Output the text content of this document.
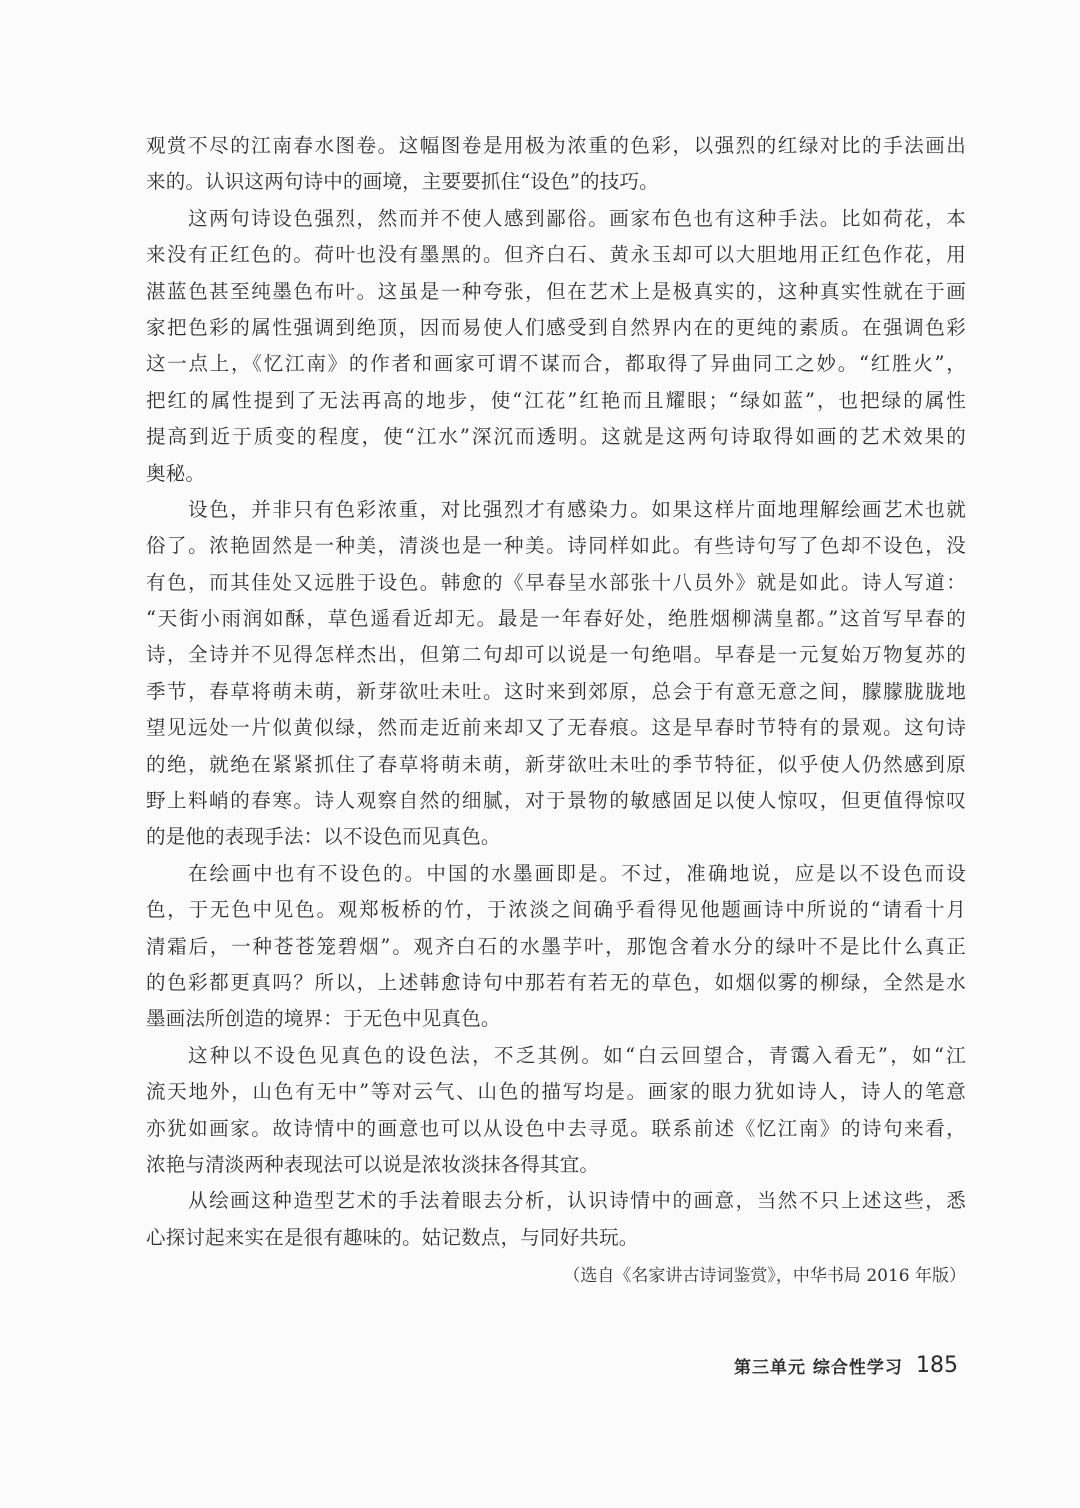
观赏不尽的江南春水图卷。这幅图卷是用极为浓重的色彩，以强烈的红绿对比的手法画出
来的。认识这两句诗中的画境，主要要抓住“设色”的技巧。
这两句诗设色强烈，然而并不使人感到鄙俗。画家布色也有这种手法。比如荷花，本
来没有正红色的。荷叶也没有墨黑的。但齐白石、黄永玉却可以大胆地用正红色作花，用
湛蓝色甚至纯墨色布叶。这虽是一种夸张，但在艺术上是极真实的，这种真实性就在于画
家把色彩的属性强调到绝顶，因而易使人们感受到自然界内在的更纯的素质。在强调色彩
这一点上，《忆江南》的作者和画家可谓不谋而合，都取得了异曲同工之妙。“红胜火”，
把红的属性提到了无法再高的地步，使“江花”红艳而且耀眼；“绿如蓝”，也把绿的属性
提高到近于质变的程度，使“江水”深沉而透明。这就是这两句诗取得如画的艺术效果的
奥秘。
设色，并非只有色彩浓重，对比强烈才有感染力。如果这样片面地理解绘画艺术也就
俗了。浓艳固然是一种美，清淡也是一种美。诗同样如此。有些诗句写了色却不设色，没
有色，而其佳处又远胜于设色。韩愈的《早春呈水部张十八员外》就是如此。诗人写道：
“天街小雨润如酥，草色遥看近却无。最是一年春好处，绝胜烟柳满皇都。”这首写早春的
诗，全诗并不见得怎样杰出，但第二句却可以说是一句绝唱。早春是一元复始万物复苏的
季节，春草将萌未萌，新芽欲吐未吐。这时来到郊原，总会于有意无意之间，朦朦胧胧地
望见远处一片似黄似绿，然而走近前来却又了无春痕。这是早春时节特有的景观。这句诗
的绝，就绝在紧紧抓住了春草将萌未萌，新芽欲吐未吐的季节特征，似乎使人仍然感到原
野上料峭的春寒。诗人观察自然的细腻，对于景物的敏感固足以使人惊叹，但更值得惊叹
的是他的表现手法：以不设色而见真色。
在绘画中也有不设色的。中国的水墨画即是。不过，准确地说，应是以不设色而设
色，于无色中见色。观郑板桥的竹，于浓淡之间确乎看得见他题画诗中所说的“请看十月
清霜后，一种苍苍笼碧烟”。观齐白石的水墨芋叶，那饱含着水分的绿叶不是比什么真正
的色彩都更真吗？所以，上述韩愈诗句中那若有若无的草色，如烟似雾的柳绿，全然是水
墨画法所创造的境界：于无色中见真色。
这种以不设色见真色的设色法，不乏其例。如“白云回望合，青霭入看无”，如“江
流天地外，山色有无中”等对云气、山色的描写均是。画家的眼力犹如诗人，诗人的笔意
亦犹如画家。故诗情中的画意也可以从设色中去寻觅。联系前述《忆江南》的诗句来看，
浓艳与清淡两种表现法可以说是浓妆淡抹各得其宜。
从绘画这种造型艺术的手法着眼去分析，认识诗情中的画意，当然不只上述这些，悉
心探讨起来实在是很有趣味的。姑记数点，与同好共玩。
（选自《名家讲古诗词鉴赏》，中华书局 2016 年版）
第三单元 综合性学习 185
